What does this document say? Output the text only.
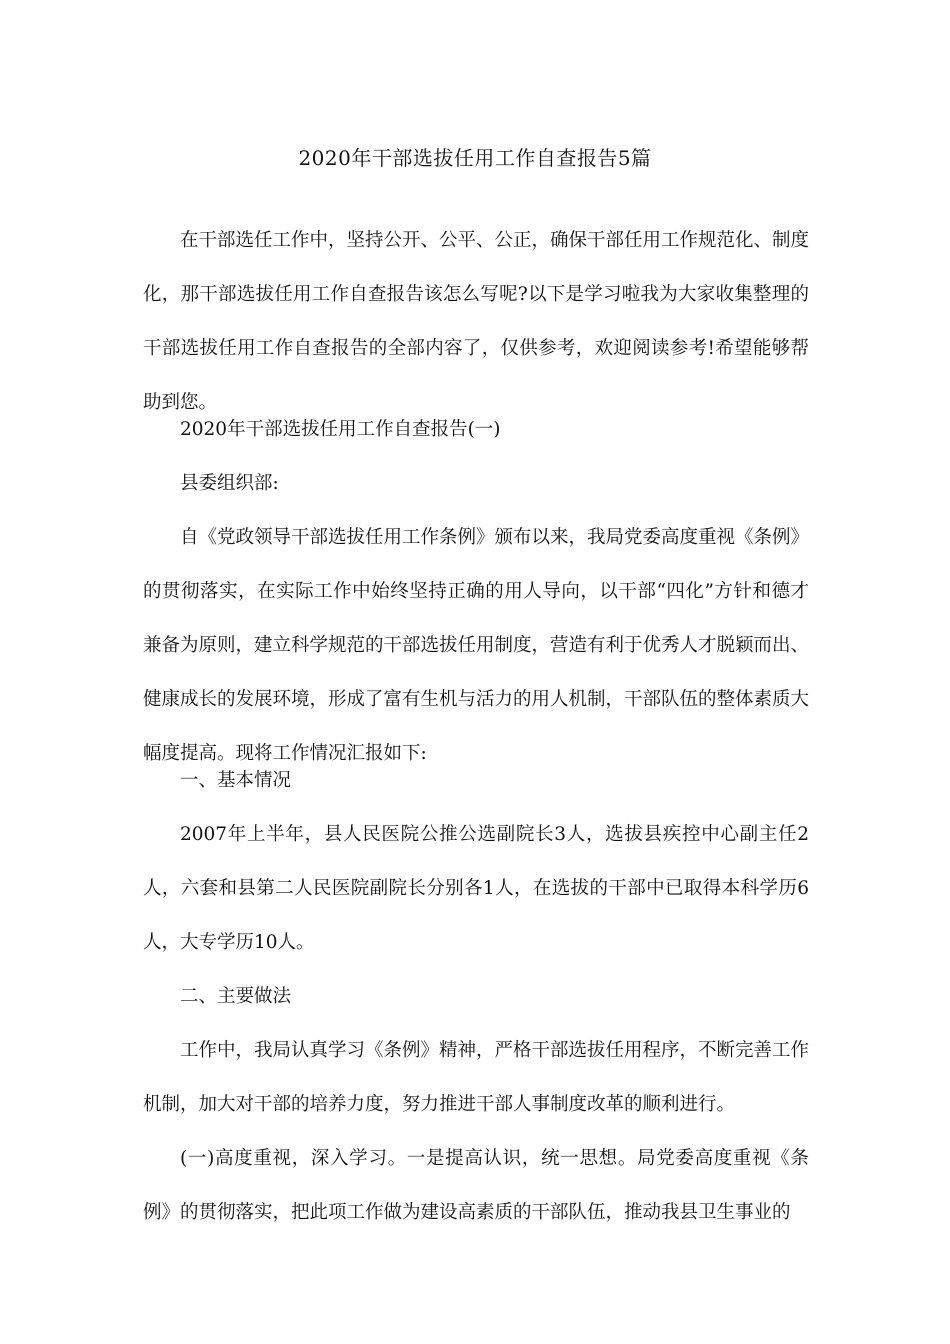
2020年干部选拔任用工作自查报告5篇

在干部选任工作中，坚持公开、公平、公正，确保干部任用工作规范化、制度化，那干部选拔任用工作自查报告该怎么写呢?以下是学习啦我为大家收集整理的干部选拔任用工作自查报告的全部内容了，仅供参考，欢迎阅读参考!希望能够帮助到您。

2020年干部选拔任用工作自查报告(一)

县委组织部:

自《党政领导干部选拔任用工作条例》颁布以来，我局党委高度重视《条例》的贯彻落实，在实际工作中始终坚持正确的用人导向，以干部“四化”方针和德才兼备为原则，建立科学规范的干部选拔任用制度，营造有利于优秀人才脱颖而出、健康成长的发展环境，形成了富有生机与活力的用人机制，干部队伍的整体素质大幅度提高。现将工作情况汇报如下:

一、基本情况

2007年上半年，县人民医院公推公选副院长3人，选拔县疾控中心副主任2人，六套和县第二人民医院副院长分别各1人，在选拔的干部中已取得本科学历6人，大专学历10人。

二、主要做法

工作中，我局认真学习《条例》精神，严格干部选拔任用程序，不断完善工作机制，加大对干部的培养力度，努力推进干部人事制度改革的顺利进行。

(一)高度重视，深入学习。一是提高认识，统一思想。局党委高度重视《条例》的贯彻落实，把此项工作做为建设高素质的干部队伍，推动我县卫生事业的
